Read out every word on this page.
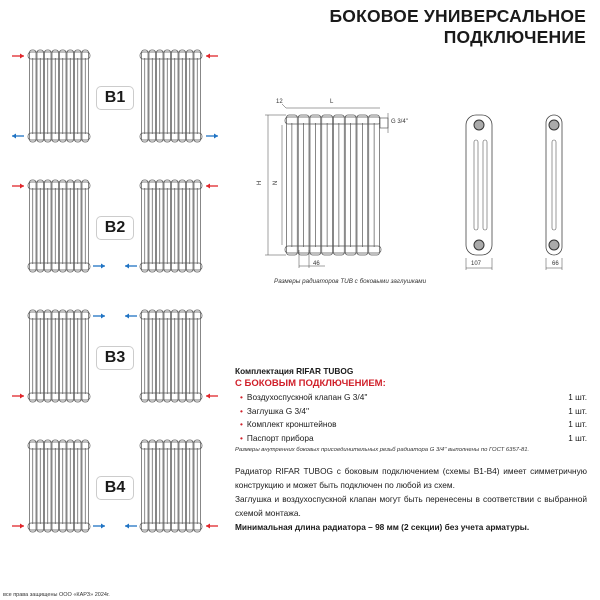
БОКОВОЕ УНИВЕРСАЛЬНОЕ
ПОДКЛЮЧЕНИЕ
B1
B2
B3
B4
12	L
G 3/4''
H N
46	107	66
Размеры радиаторов TUB с боковыми заглушками
Комплектация RIFAR TUBOG
С БОКОВЫМ ПОДКЛЮЧЕНИЕМ:
• Воздухоспускной клапан G 3/4''	1 шт.
• Заглушка G 3/4''	1 шт.
• Комплект кронштейнов	1 шт.
• Паспорт прибора	1 шт.
Размеры внутренних боковых присоединительных резьб радиатора G 3/4'' выполнены по ГОСТ 6357-81.
Радиатор RIFAR TUBOG с боковым подключением (схемы В1-В4) имеет симметричную конструкцию и может быть подключен по любой из схем.
Заглушка и воздухоспускной клапан могут быть перенесены в соответствии с выбранной схемой монтажа.
Минимальная длина радиатора – 98 мм (2 секции) без учета арматуры.
все права защищены ООО «КАРЗ» 2024г.
